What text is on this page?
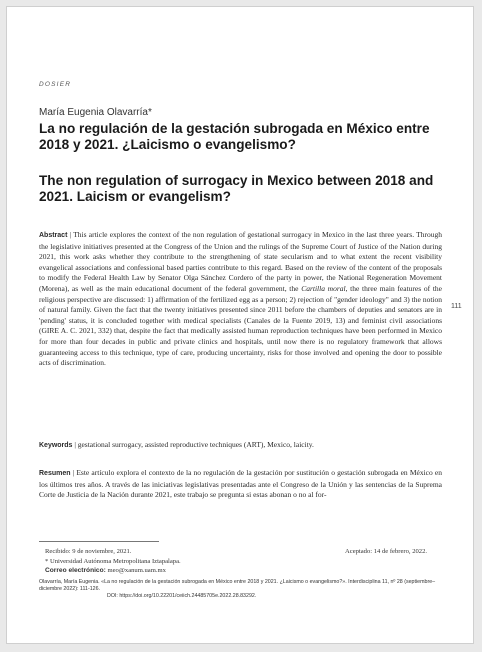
DOSIER
María Eugenia Olavarría*
La no regulación de la gestación subrogada en México entre 2018 y 2021. ¿Laicismo o evangelismo?
The non regulation of surrogacy in Mexico between 2018 and 2021. Laicism or evangelism?

Abstract | This article explores the context of the non regulation of gestational surrogacy in Mexico in the last three years. Through the legislative initiatives presented at the Congress of the Union and the rulings of the Supreme Court of Justice of the Nation during 2021, this work asks whether they contribute to the strengthening of state secularism and to what extent the recent visibility evangelical associations and confessional based parties contribute to this regard. Based on the review of the content of the proposals to modify the Federal Health Law by Senator Olga Sánchez Cordero of the party in power, the National Regeneration Movement (Morena), as well as the main educational document of the federal government, the Cartilla moral, the three main features of the religious perspective are discussed: 1) affirmation of the fertilized egg as a person; 2) rejection of "gender ideology" and 3) the notion of natural family. Given the fact that the twenty initiatives presented since 2011 before the chambers of deputies and senators are in 'pending' status, it is concluded together with medical specialists (Canales de la Fuente 2019, 13) and feminist civil associations (GIRE A. C. 2021, 332) that, despite the fact that medically assisted human reproduction techniques have been performed in Mexico for more than four decades in public and private clinics and hospitals, until now there is no regulatory framework that allows guaranteeing access to this technique, type of care, producing uncertainty, risks for those involved and opening the door to possible acts of discrimination.

Keywords | gestational surrogacy, assisted reproductive techniques (ART), Mexico, laicity.

Resumen | Este artículo explora el contexto de la no regulación de la gestación por sustitución o gestación subrogada en México en los últimos tres años. A través de las iniciativas legislativas presentadas ante el Congreso de la Unión y las sentencias de la Suprema Corte de Justicia de la Nación durante 2021, este trabajo se pregunta si estas abonan o no al for-

111
Recibido: 9 de noviembre, 2021.	Aceptado: 14 de febrero, 2022.
* Universidad Autónoma Metropolitana Iztapalapa.
Correo electrónico: meo@xanum.uam.mx
Olavarría, María Eugenia. «La no regulación de la gestación subrogada en México entre 2018 y 2021. ¿Laicismo o evangelismo?». Interdisciplina 11, nº 28 (septiembre–diciembre 2022): 111-126.
DOI: https://doi.org/10.22201/ceiich.24485705e.2022.28.83292.
